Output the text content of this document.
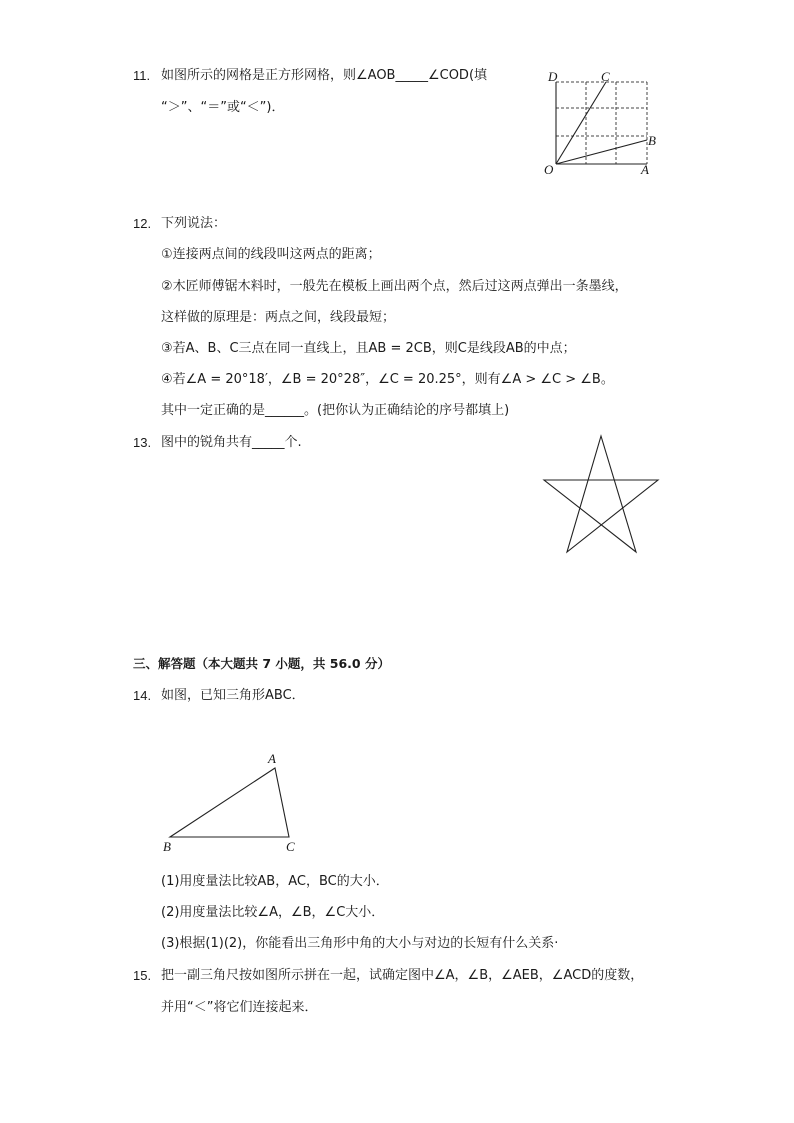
11. 如图所示的网格是正方形网格，则∠AOB_____∠COD(填
“＞”、“＝”或“＜”)．
D	C
B
O	A
12. 下列说法：
①连接两点间的线段叫这两点的距离；
②木匠师傅锯木料时，一般先在模板上画出两个点，然后过这两点弹出一条墨线，
这样做的原理是：两点之间，线段最短；
③若A、B、C三点在同一直线上，且AB = 2CB，则C是线段AB的中点；
④若∠A = 20°18′，∠B = 20°28″，∠C = 20.25°，则有∠A > ∠C > ∠B。
其中一定正确的是______。(把你认为正确结论的序号都填上)
13. 图中的锐角共有_____个.
三、解答题（本大题共 7 小题，共 56.0 分）
14. 如图，已知三角形ABC．
A
B	C
(1)用度量法比较AB，AC，BC的大小．
(2)用度量法比较∠A，∠B，∠C大小．
(3)根据(1)(2)，你能看出三角形中角的大小与对边的长短有什么关系·
15. 把一副三角尺按如图所示拼在一起，试确定图中∠A，∠B，∠AEB，∠ACD的度数，
并用“＜”将它们连接起来．
